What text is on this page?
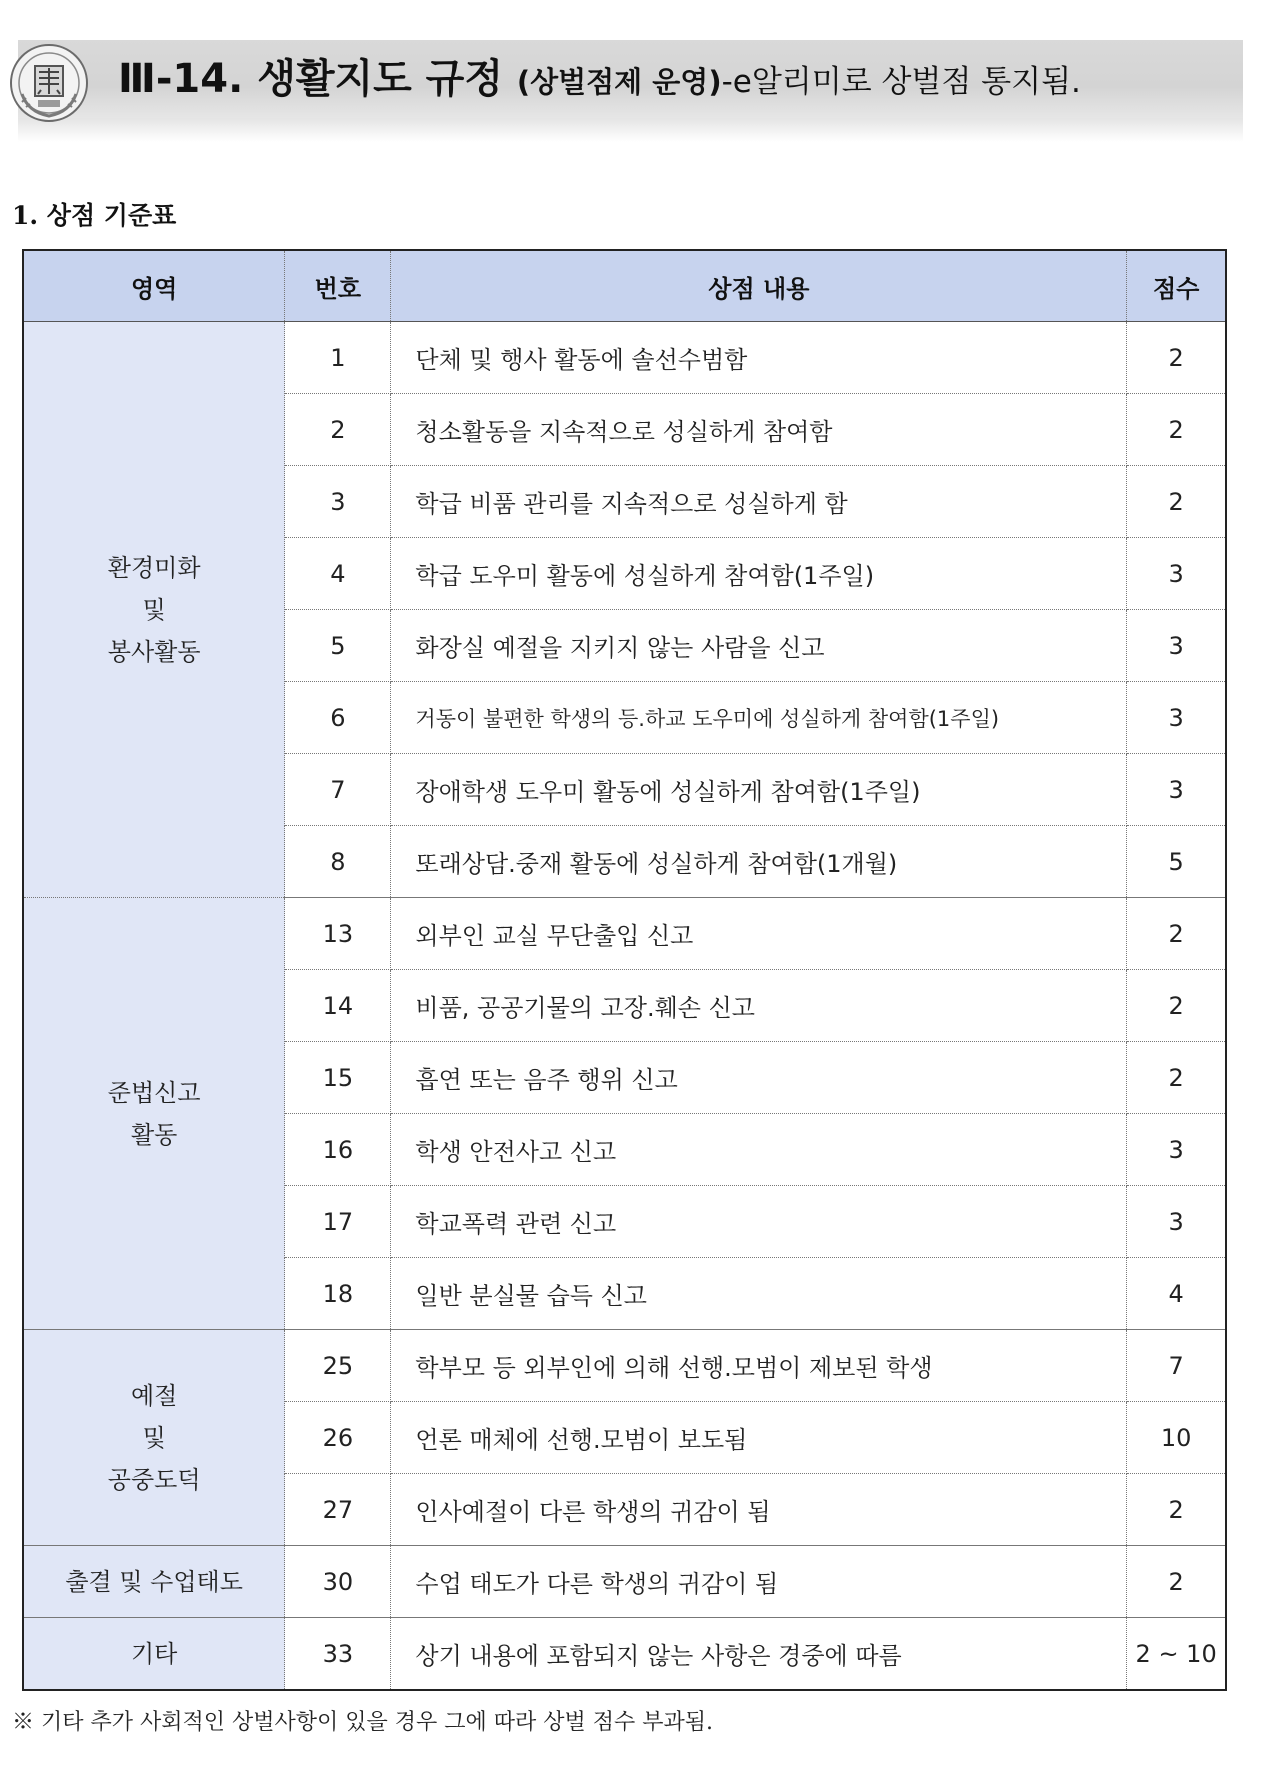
Ⅲ-14. 생활지도 규정 (상벌점제 운영)-e알리미로 상벌점 통지됨.
1. 상점 기준표
영역	번호	상점 내용	점수
환경미화
및
봉사활동	1	단체 및 행사 활동에 솔선수범함	2
	2	청소활동을 지속적으로 성실하게 참여함	2
	3	학급 비품 관리를 지속적으로 성실하게 함	2
	4	학급 도우미 활동에 성실하게 참여함(1주일)	3
	5	화장실 예절을 지키지 않는 사람을 신고	3
	6	거동이 불편한 학생의 등.하교 도우미에 성실하게 참여함(1주일)	3
	7	장애학생 도우미 활동에 성실하게 참여함(1주일)	3
	8	또래상담.중재 활동에 성실하게 참여함(1개월)	5
준법신고
활동	13	외부인 교실 무단출입 신고	2
	14	비품, 공공기물의 고장.훼손 신고	2
	15	흡연 또는 음주 행위 신고	2
	16	학생 안전사고 신고	3
	17	학교폭력 관련 신고	3
	18	일반 분실물 습득 신고	4
예절
및
공중도덕	25	학부모 등 외부인에 의해 선행.모범이 제보된 학생	7
	26	언론 매체에 선행.모범이 보도됨	10
	27	인사예절이 다른 학생의 귀감이 됨	2
출결 및 수업태도	30	수업 태도가 다른 학생의 귀감이 됨	2
기타	33	상기 내용에 포함되지 않는 사항은 경중에 따름	2 ~ 10
※ 기타 추가 사회적인 상벌사항이 있을 경우 그에 따라 상벌 점수 부과됨.
